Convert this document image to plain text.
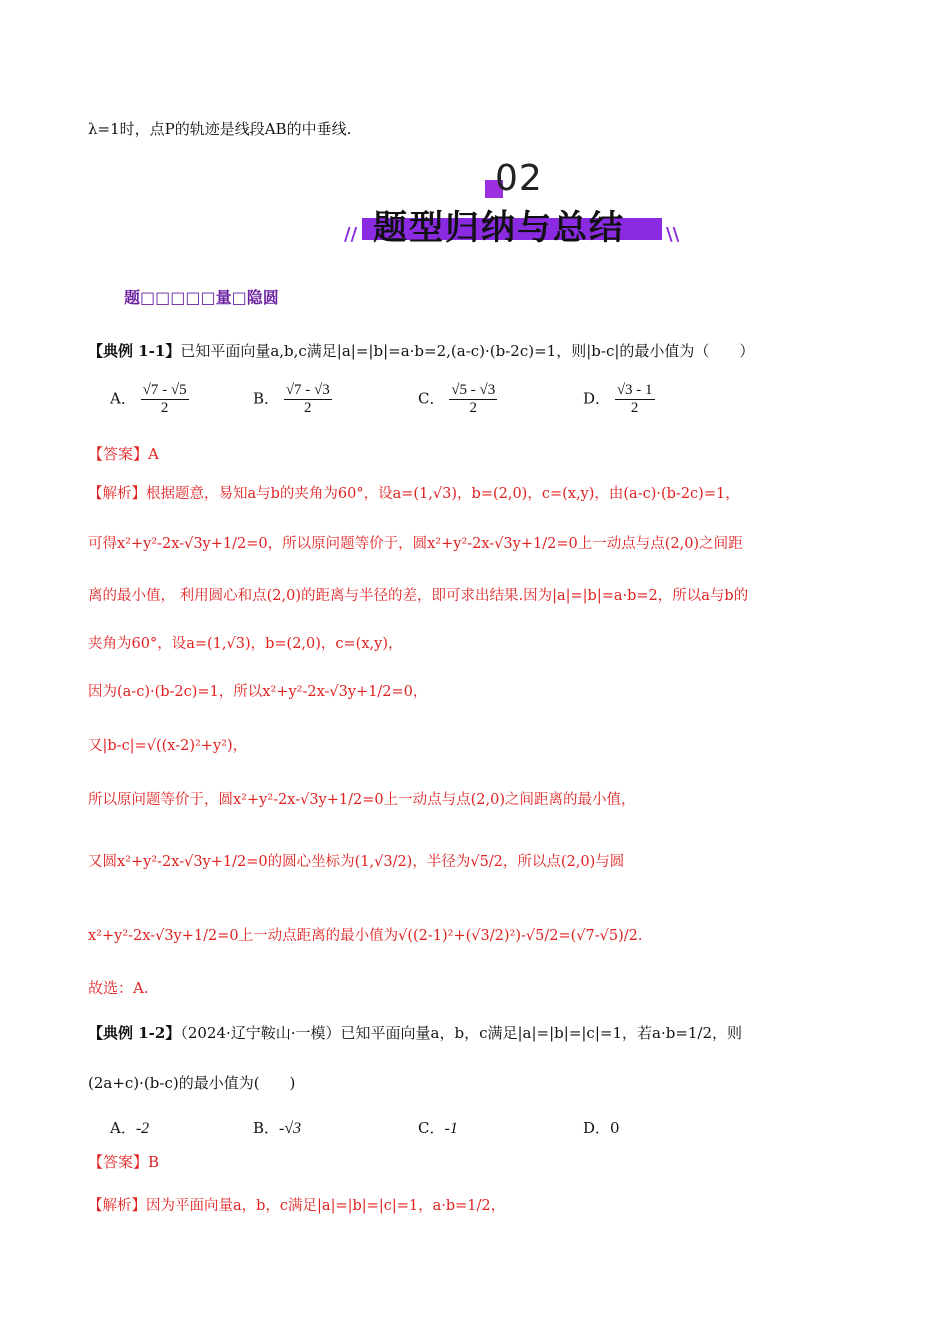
λ=1时，点P的轨迹是线段AB的中垂线.
02
题型归纳与总结
//	\\
题□□□□□量□隐圆
【典例 1-1】已知平面向量a,b,c满足|a|=|b|=a·b=2,(a-c)·(b-2c)=1，则|b-c|的最小值为（　　）
A． $\frac{√7 - √5}{2}$	B． $\frac{√7 - √3}{2}$	C． $\frac{√5 - √3}{2}$	D． $\frac{√3 - 1}{2}$
【答案】A
【解析】根据题意，易知a与b的夹角为60°，设a=(1,√3)，b=(2,0)，c=(x,y)，由(a-c)·(b-2c)=1，
可得x²+y²-2x-√3y+1/2=0，所以原问题等价于，圆x²+y²-2x-√3y+1/2=0上一动点与点(2,0)之间距
离的最小值， 利用圆心和点(2,0)的距离与半径的差，即可求出结果.因为|a|=|b|=a·b=2，所以a与b的
夹角为60°，设a=(1,√3)，b=(2,0)，c=(x,y)，
因为(a-c)·(b-2c)=1，所以x²+y²-2x-√3y+1/2=0，
又|b-c|=√((x-2)²+y²)，
所以原问题等价于，圆x²+y²-2x-√3y+1/2=0上一动点与点(2,0)之间距离的最小值，
又圆x²+y²-2x-√3y+1/2=0的圆心坐标为(1,√3/2)，半径为√5/2，所以点(2,0)与圆
x²+y²-2x-√3y+1/2=0上一动点距离的最小值为√((2-1)²+(√3/2)²)-√5/2=(√7-√5)/2.
故选：A.
【典例 1-2】（2024·辽宁鞍山·一模）已知平面向量a，b，c满足|a|=|b|=|c|=1，若a·b=1/2，则
(2a+c)·(b-c)的最小值为(　　)
A．-2	B．-√3	C．-1	D．0
【答案】B
【解析】因为平面向量a，b，c满足|a|=|b|=|c|=1，a·b=1/2，
